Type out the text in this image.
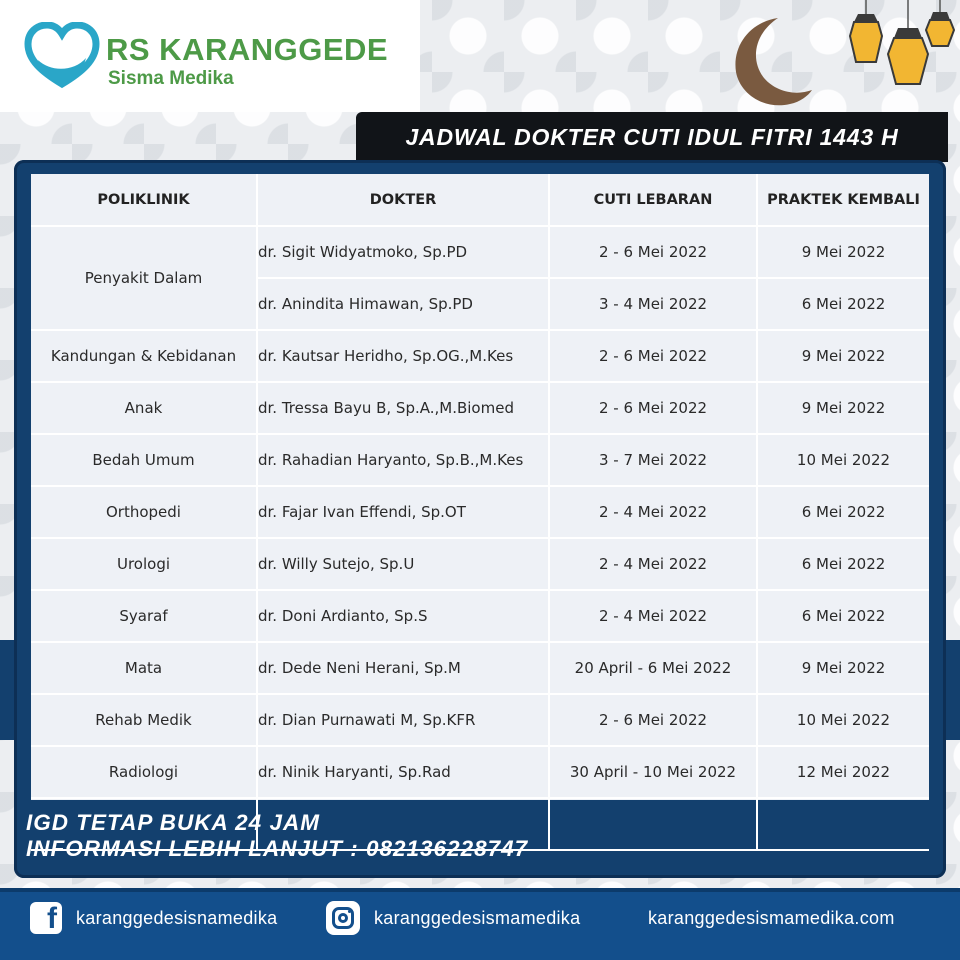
RS KARANGGEDE
Sisma Medika
JADWAL DOKTER CUTI IDUL FITRI 1443 H
POLIKLINIK	DOKTER	CUTI LEBARAN	PRAKTEK KEMBALI
Penyakit Dalam	dr. Sigit Widyatmoko, Sp.PD	2 - 6 Mei 2022	9 Mei 2022
	dr. Anindita Himawan, Sp.PD	3 - 4 Mei 2022	6 Mei 2022
Kandungan & Kebidanan	dr. Kautsar Heridho, Sp.OG.,M.Kes	2 - 6 Mei 2022	9 Mei 2022
Anak	dr. Tressa Bayu B, Sp.A.,M.Biomed	2 - 6 Mei 2022	9 Mei 2022
Bedah Umum	dr. Rahadian Haryanto, Sp.B.,M.Kes	3 - 7 Mei 2022	10 Mei 2022
Orthopedi	dr. Fajar Ivan Effendi, Sp.OT	2 - 4 Mei 2022	6 Mei 2022
Urologi	dr. Willy Sutejo, Sp.U	2 - 4 Mei 2022	6 Mei 2022
Syaraf	dr. Doni Ardianto, Sp.S	2 - 4 Mei 2022	6 Mei 2022
Mata	dr. Dede Neni Herani, Sp.M	20 April - 6 Mei 2022	9 Mei 2022
Rehab Medik	dr. Dian Purnawati M, Sp.KFR	2 - 6 Mei 2022	10 Mei 2022
Radiologi	dr. Ninik Haryanti, Sp.Rad	30 April - 10 Mei 2022	12 Mei 2022

IGD TETAP BUKA 24 JAM
INFORMASI LEBIH LANJUT : 082136228747
f karanggedesisnamedika	karanggedesismamedika	karanggedesismamedika.com
